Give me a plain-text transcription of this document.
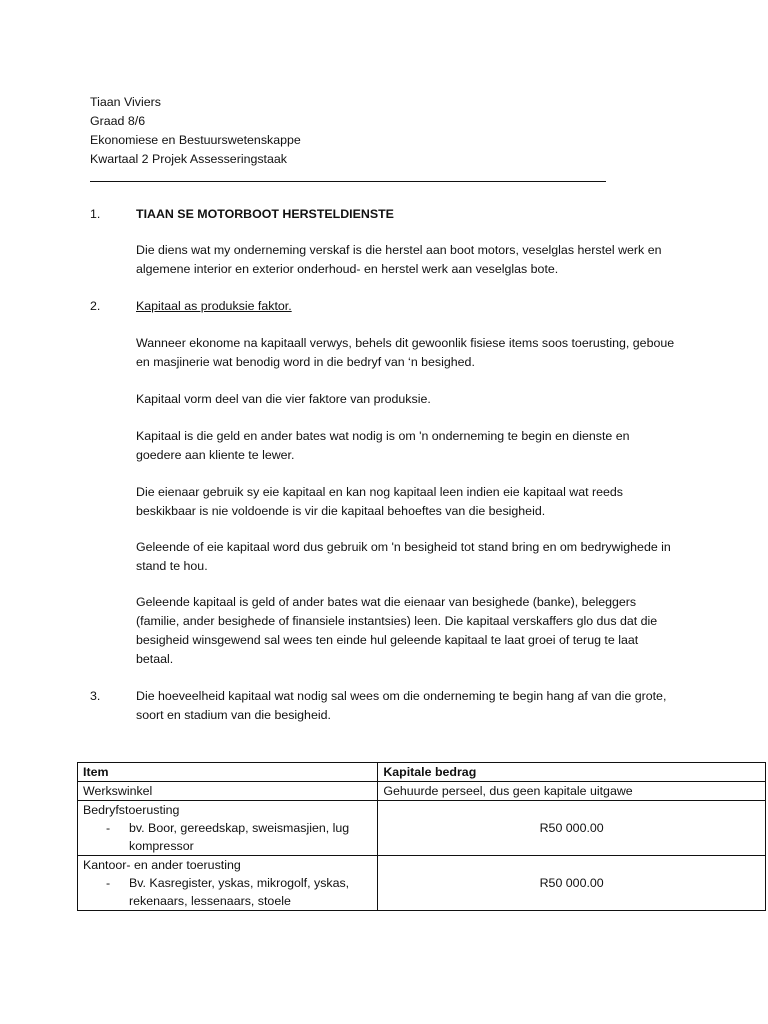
Tiaan Viviers
Graad 8/6
Ekonomiese en Bestuurswetenskappe
Kwartaal 2 Projek Assesseringstaak
1.	TIAAN SE MOTORBOOT HERSTELDIENSTE
Die diens wat my onderneming verskaf is die herstel aan boot motors, veselglas herstel werk en algemene interior en exterior onderhoud- en herstel werk aan veselglas bote.
2.	Kapitaal as produksie faktor.
Wanneer ekonome na kapitaall verwys, behels dit gewoonlik fisiese items soos toerusting, geboue en masjinerie wat benodig word in die bedryf van ‘n besighed.
Kapitaal vorm deel van die vier faktore van produksie.
Kapitaal is die geld en ander bates wat nodig is om 'n onderneming te begin en dienste en goedere aan kliente te lewer.
Die eienaar gebruik sy eie kapitaal en kan nog kapitaal leen indien eie kapitaal wat reeds beskikbaar is nie voldoende is vir die kapitaal behoeftes van die besigheid.
Geleende of eie kapitaal word dus gebruik om 'n besigheid tot stand bring en om bedrywighede in stand te hou.
Geleende kapitaal is geld of ander bates wat die eienaar van besighede (banke), beleggers (familie, ander besighede of finansiele instantsies) leen. Die kapitaal verskaffers glo dus dat die besigheid winsgewend sal wees ten einde hul geleende kapitaal te laat groei of terug te laat betaal.
3.	Die hoeveelheid kapitaal wat nodig sal wees om die onderneming te begin hang af van die grote, soort en stadium van die besigheid.
Item	Kapitale bedrag
Werkswinkel	Gehuurde perseel, dus geen kapitale uitgawe

Bedryfstoerusting
- bv. Boor, gereedskap, sweismasjien, lug kompressor	R50 000.00

Kantoor- en ander toerusting
- Bv. Kasregister, yskas, mikrogolf, yskas, rekenaars, lessenaars, stoele	R50 000.00
